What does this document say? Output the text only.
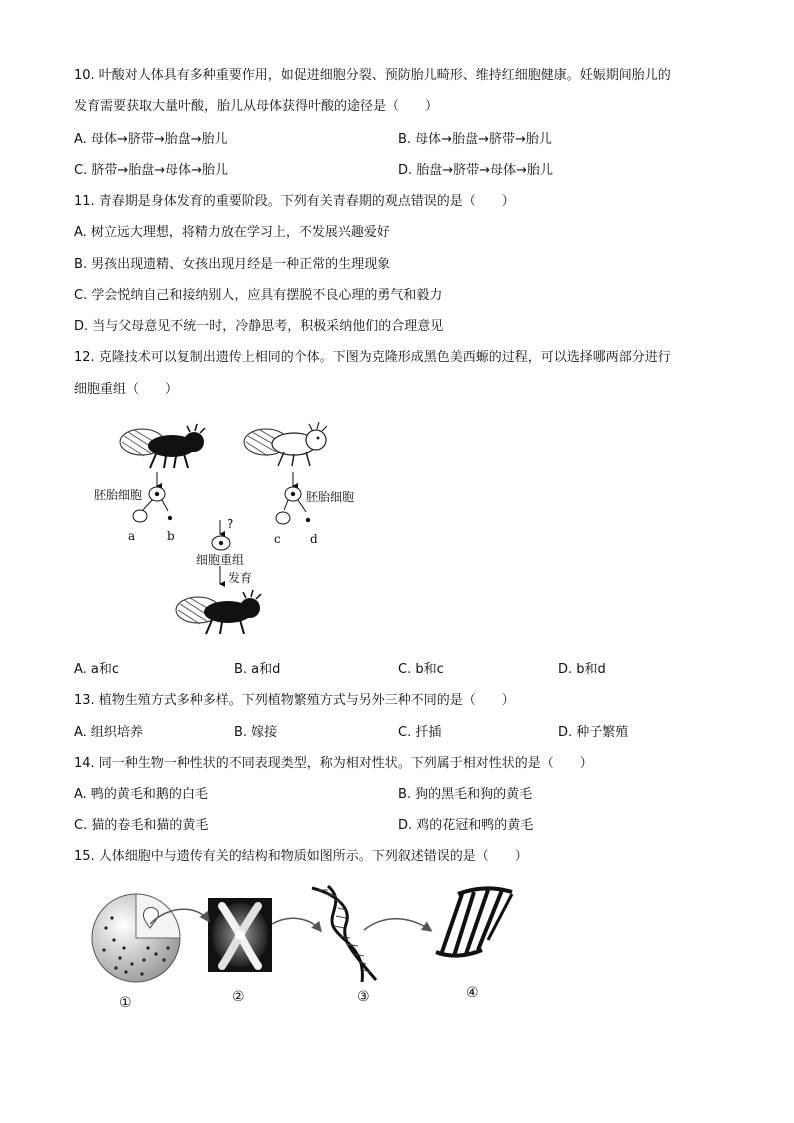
10. 叶酸对人体具有多种重要作用，如促进细胞分裂、预防胎儿畸形、维持红细胞健康。妊娠期间胎儿的
发育需要获取大量叶酸，胎儿从母体获得叶酸的途径是（　　）
A. 母体→脐带→胎盘→胎儿	B. 母体→胎盘→脐带→胎儿
C. 脐带→胎盘→母体→胎儿	D. 胎盘→脐带→母体→胎儿
11. 青春期是身体发育的重要阶段。下列有关青春期的观点错误的是（　　）
A. 树立远大理想，将精力放在学习上，不发展兴趣爱好
B. 男孩出现遗精、女孩出现月经是一种正常的生理现象
C. 学会悦纳自己和接纳别人，应具有摆脱不良心理的勇气和毅力
D. 当与父母意见不统一时，冷静思考，积极采纳他们的合理意见
12. 克隆技术可以复制出遗传上相同的个体。下图为克隆形成黑色美西螈的过程，可以选择哪两部分进行
细胞重组（　　）
胚胎细胞	胚胎细胞
a	b	c d
?
细胞重组
发育
A. a和c	B. a和d	C. b和c	D. b和d
13. 植物生殖方式多种多样。下列植物繁殖方式与另外三种不同的是（　　）
A. 组织培养	B. 嫁接	C. 扦插	D. 种子繁殖
14. 同一种生物一种性状的不同表现类型，称为相对性状。下列属于相对性状的是（　　）
A. 鸭的黄毛和鹅的白毛	B. 狗的黑毛和狗的黄毛
C. 猫的卷毛和猫的黄毛	D. 鸡的花冠和鸭的黄毛
15. 人体细胞中与遗传有关的结构和物质如图所示。下列叙述错误的是（　　）
①	②	③	④
